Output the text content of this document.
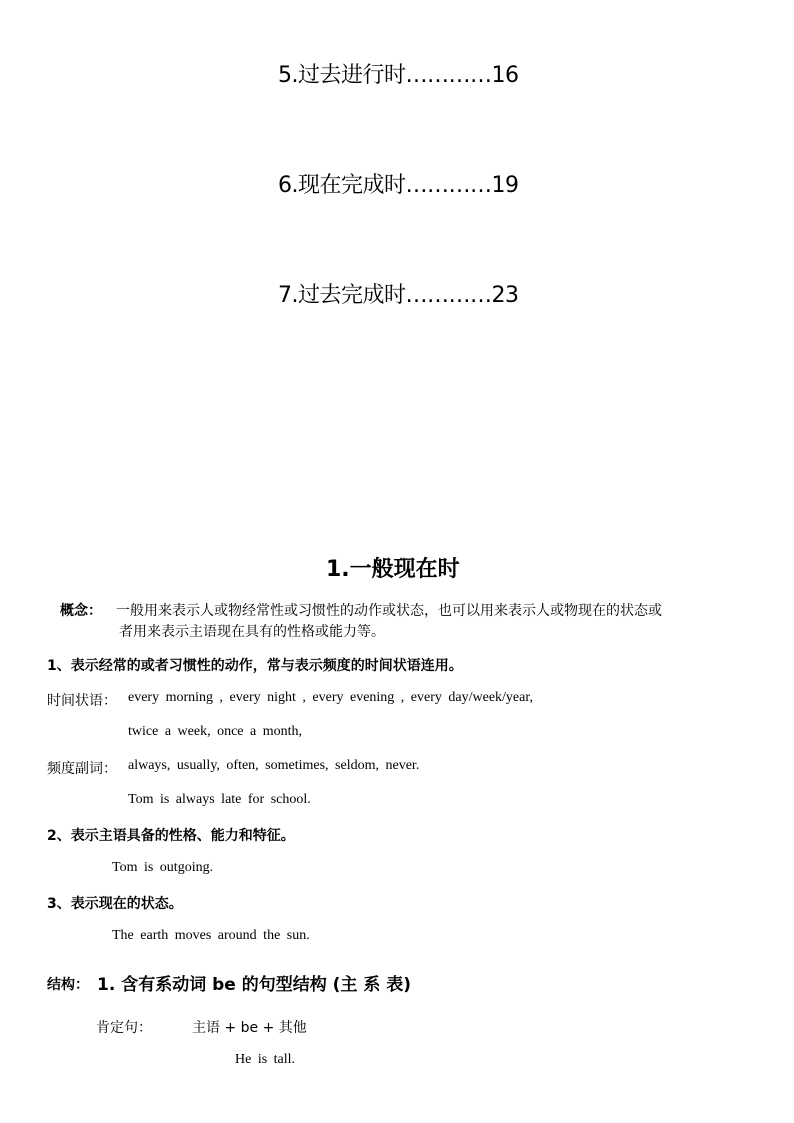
5.过去进行时…………16
6.现在完成时…………19
7.过去完成时…………23
1.一般现在时
概念： 一般用来表示人或物经常性或习惯性的动作或状态，也可以用来表示人或物现在的状态或
者用来表示主语现在具有的性格或能力等。
1、表示经常的或者习惯性的动作，常与表示频度的时间状语连用。
时间状语： every morning , every night , every evening , every day/week/year,
twice a week, once a month,
频度副词： always, usually, often, sometimes, seldom, never.
Tom is always late for school.
2、表示主语具备的性格、能力和特征。
Tom is outgoing.
3、表示现在的状态。
The earth moves around the sun.
结构： 1. 含有系动词 be 的句型结构 (主 系 表)
肯定句：	主语 + be + 其他
He is tall.
